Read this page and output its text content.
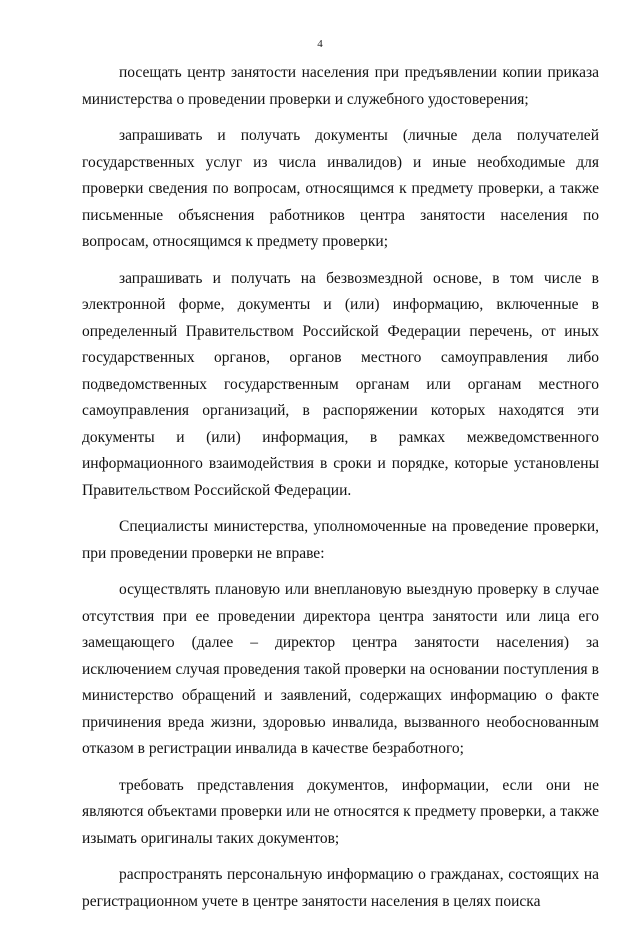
4

посещать центр занятости населения при предъявлении копии приказа министерства о проведении проверки и служебного удостоверения;

запрашивать и получать документы (личные дела получателей государственных услуг из числа инвалидов) и иные необходимые для проверки сведения по вопросам, относящимся к предмету проверки, а также письменные объяснения работников центра занятости населения по вопросам, относящимся к предмету проверки;

запрашивать и получать на безвозмездной основе, в том числе в электронной форме, документы и (или) информацию, включенные в определенный Правительством Российской Федерации перечень, от иных государственных органов, органов местного самоуправления либо подведомственных государственным органам или органам местного самоуправления организаций, в распоряжении которых находятся эти документы и (или) информация, в рамках межведомственного информационного взаимодействия в сроки и порядке, которые установлены Правительством Российской Федерации.

Специалисты министерства, уполномоченные на проведение проверки, при проведении проверки не вправе:

осуществлять плановую или внеплановую выездную проверку в случае отсутствия при ее проведении директора центра занятости или лица его замещающего (далее – директор центра занятости населения) за исключением случая проведения такой проверки на основании поступления в министерство обращений и заявлений, содержащих информацию о факте причинения вреда жизни, здоровью инвалида, вызванного необоснованным отказом в регистрации инвалида в качестве безработного;

требовать представления документов, информации, если они не являются объектами проверки или не относятся к предмету проверки, а также изымать оригиналы таких документов;

распространять персональную информацию о гражданах, состоящих на регистрационном учете в центре занятости населения в целях поиска
